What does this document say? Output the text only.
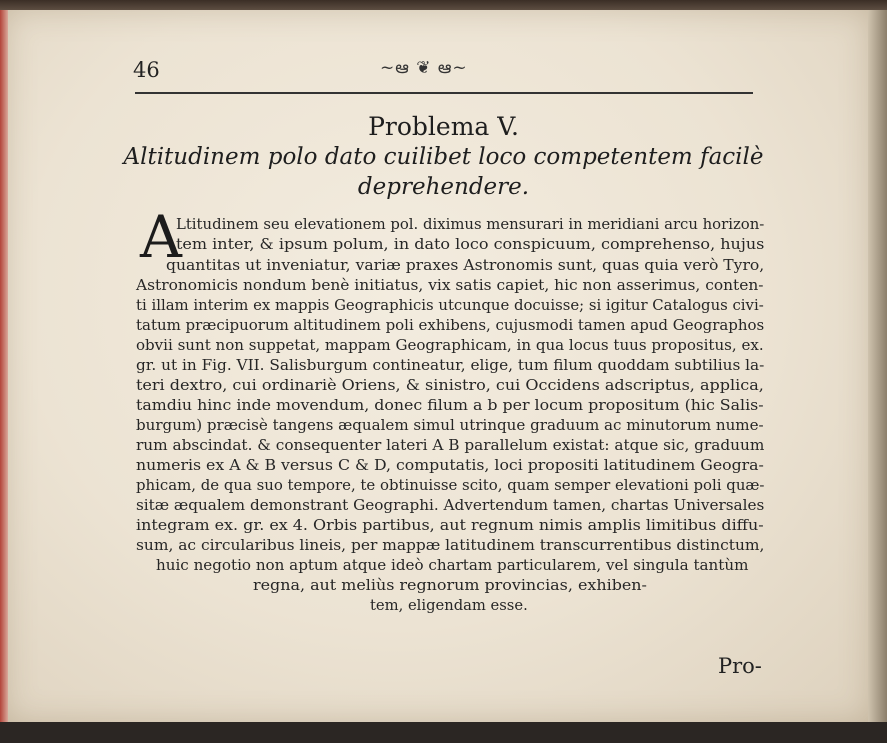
46	~ఆ ❦ ఆ~
Problema V.
Altitudinem polo dato cuilibet loco competentem facilè
deprehendere.
A
Ltitudinem seu elevationem pol. diximus mensurari in meridiani arcu horizon-
tem inter, & ipsum polum, in dato loco conspicuum, comprehenso, hujus
quantitas ut inveniatur, variæ praxes Astronomis sunt, quas quia verò Tyro,
Astronomicis nondum benè initiatus, vix satis capiet, hic non asserimus, conten-
ti illam interim ex mappis Geographicis utcunque docuisse; si igitur Catalogus civi-
tatum præcipuorum altitudinem poli exhibens, cujusmodi tamen apud Geographos
obvii sunt non suppetat, mappam Geographicam, in qua locus tuus propositus, ex.
gr. ut in Fig. VII. Salisburgum contineatur, elige, tum filum quoddam subtilius la-
teri dextro, cui ordinariè Oriens, & sinistro, cui Occidens adscriptus, applica,
tamdiu hinc inde movendum, donec filum a b per locum propositum (hic Salis-
burgum) præcisè tangens æqualem simul utrinque graduum ac minutorum nume-
rum abscindat. & consequenter lateri A B parallelum existat: atque sic, graduum
numeris ex A & B versus C & D, computatis, loci propositi latitudinem Geogra-
phicam, de qua suo tempore, te obtinuisse scito, quam semper elevationi poli quæ-
sitæ æqualem demonstrant Geographi. Advertendum tamen, chartas Universales
integram ex. gr. ex 4. Orbis partibus, aut regnum nimis amplis limitibus diffu-
sum, ac circularibus lineis, per mappæ latitudinem transcurrentibus distinctum,
huic negotio non aptum atque ideò chartam particularem, vel singula tantùm
regna, aut meliùs regnorum provincias, exhiben-
tem, eligendam esse.
Pro-
